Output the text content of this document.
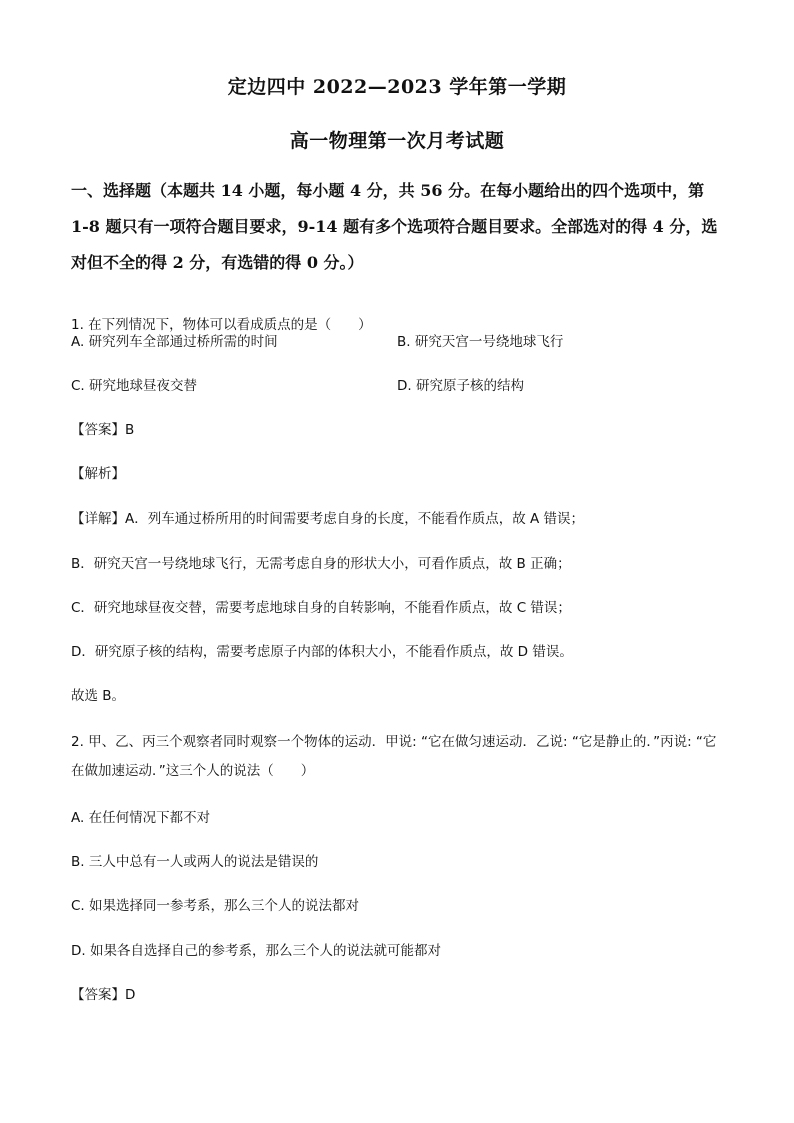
定边四中 2022—2023 学年第一学期
高一物理第一次月考试题
一、选择题（本题共 14 小题，每小题 4 分，共 56 分。在每小题给出的四个选项中，第 1-8 题只有一项符合题目要求，9-14 题有多个选项符合题目要求。全部选对的得 4 分，选对但不全的得 2 分，有选错的得 0 分。）
1. 在下列情况下，物体可以看成质点的是（　　）
A. 研究列车全部通过桥所需的时间	B. 研究天宫一号绕地球飞行
C. 研究地球昼夜交替	D. 研究原子核的结构
【答案】B
【解析】
【详解】A．列车通过桥所用的时间需要考虑自身的长度，不能看作质点，故 A 错误；
B．研究天宫一号绕地球飞行，无需考虑自身的形状大小，可看作质点，故 B 正确；
C．研究地球昼夜交替，需要考虑地球自身的自转影响，不能看作质点，故 C 错误；
D．研究原子核的结构，需要考虑原子内部的体积大小，不能看作质点，故 D 错误。
故选 B。
2. 甲、乙、丙三个观察者同时观察一个物体的运动．甲说: “它在做匀速运动．乙说: “它是静止的．”丙说: “它在做加速运动．”这三个人的说法（　　）
A. 在任何情况下都不对
B. 三人中总有一人或两人的说法是错误的
C. 如果选择同一参考系，那么三个人的说法都对
D. 如果各自选择自己的参考系，那么三个人的说法就可能都对
【答案】D
